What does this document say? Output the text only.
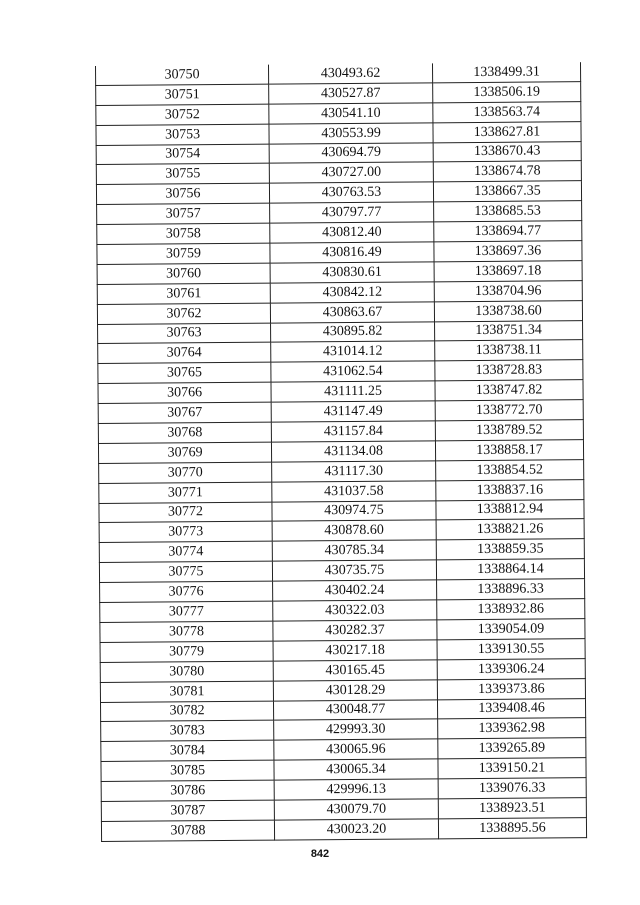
30750	430493.62	1338499.31
30751	430527.87	1338506.19
30752	430541.10	1338563.74
30753	430553.99	1338627.81
30754	430694.79	1338670.43
30755	430727.00	1338674.78
30756	430763.53	1338667.35
30757	430797.77	1338685.53
30758	430812.40	1338694.77
30759	430816.49	1338697.36
30760	430830.61	1338697.18
30761	430842.12	1338704.96
30762	430863.67	1338738.60
30763	430895.82	1338751.34
30764	431014.12	1338738.11
30765	431062.54	1338728.83
30766	431111.25	1338747.82
30767	431147.49	1338772.70
30768	431157.84	1338789.52
30769	431134.08	1338858.17
30770	431117.30	1338854.52
30771	431037.58	1338837.16
30772	430974.75	1338812.94
30773	430878.60	1338821.26
30774	430785.34	1338859.35
30775	430735.75	1338864.14
30776	430402.24	1338896.33
30777	430322.03	1338932.86
30778	430282.37	1339054.09
30779	430217.18	1339130.55
30780	430165.45	1339306.24
30781	430128.29	1339373.86
30782	430048.77	1339408.46
30783	429993.30	1339362.98
30784	430065.96	1339265.89
30785	430065.34	1339150.21
30786	429996.13	1339076.33
30787	430079.70	1338923.51
30788	430023.20	1338895.56
842
